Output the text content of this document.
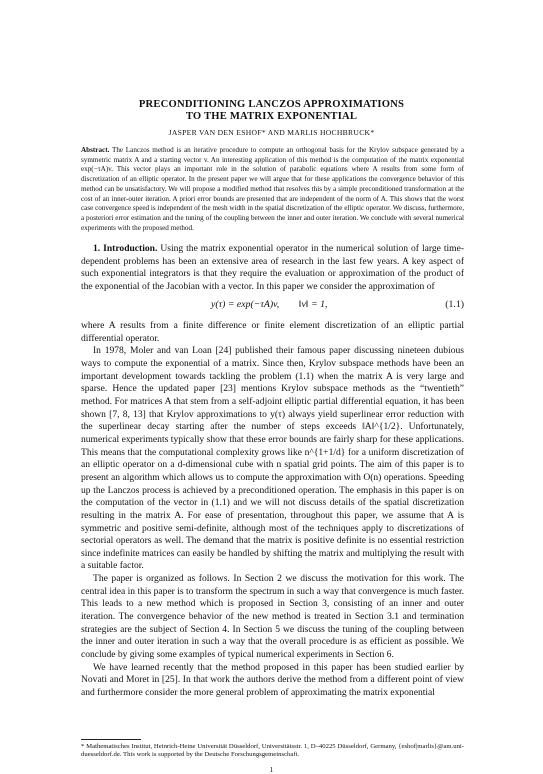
PRECONDITIONING LANCZOS APPROXIMATIONS
TO THE MATRIX EXPONENTIAL
JASPER VAN DEN ESHOF* AND MARLIS HOCHBRUCK*
Abstract. The Lanczos method is an iterative procedure to compute an orthogonal basis for the Krylov subspace generated by a symmetric matrix A and a starting vector v. An interesting application of this method is the computation of the matrix exponential exp(−τA)v. This vector plays an important role in the solution of parabolic equations where A results from some form of discretization of an elliptic operator. In the present paper we will argue that for these applications the convergence behavior of this method can be unsatisfactory. We will propose a modified method that resolves this by a simple preconditioned transformation at the cost of an inner-outer iteration. A priori error bounds are presented that are independent of the norm of A. This shows that the worst case convergence speed is independent of the mesh width in the spatial discretization of the elliptic operator. We discuss, furthermore, a posteriori error estimation and the tuning of the coupling between the inner and outer iteration. We conclude with several numerical experiments with the proposed method.

1. Introduction. Using the matrix exponential operator in the numerical solution of large time-dependent problems has been an extensive area of research in the last few years. A key aspect of such exponential integrators is that they require the evaluation or approximation of the product of the exponential of the Jacobian with a vector. In this paper we consider the approximation of

y(τ) = exp(−τA)v,        ‖v‖ = 1,	(1.1)

where A results from a finite difference or finite element discretization of an elliptic partial differential operator.

In 1978, Moler and van Loan [24] published their famous paper discussing nineteen dubious ways to compute the exponential of a matrix. Since then, Krylov subspace methods have been an important development towards tackling the problem (1.1) when the matrix A is very large and sparse. Hence the updated paper [23] mentions Krylov subspace methods as the “twentieth” method. For matrices A that stem from a self-adjoint elliptic partial differential equation, it has been shown [7, 8, 13] that Krylov approximations to y(τ) always yield superlinear error reduction with the superlinear decay starting after the number of steps exceeds ‖A‖^{1/2}. Unfortunately, numerical experiments typically show that these error bounds are fairly sharp for these applications. This means that the computational complexity grows like n^{1+1/d} for a uniform discretization of an elliptic operator on a d-dimensional cube with n spatial grid points. The aim of this paper is to present an algorithm which allows us to compute the approximation with O(n) operations. Speeding up the Lanczos process is achieved by a preconditioned operation. The emphasis in this paper is on the computation of the vector in (1.1) and we will not discuss details of the spatial discretization resulting in the matrix A. For ease of presentation, throughout this paper, we assume that A is symmetric and positive semi-definite, although most of the techniques apply to discretizations of sectorial operators as well. The demand that the matrix is positive definite is no essential restriction since indefinite matrices can easily be handled by shifting the matrix and multiplying the result with a suitable factor.

The paper is organized as follows. In Section 2 we discuss the motivation for this work. The central idea in this paper is to transform the spectrum in such a way that convergence is much faster. This leads to a new method which is proposed in Section 3, consisting of an inner and outer iteration. The convergence behavior of the new method is treated in Section 3.1 and termination strategies are the subject of Section 4. In Section 5 we discuss the tuning of the coupling between the inner and outer iteration in such a way that the overall procedure is as efficient as possible. We conclude by giving some examples of typical numerical experiments in Section 6.

We have learned recently that the method proposed in this paper has been studied earlier by Novati and Moret in [25]. In that work the authors derive the method from a different point of view and furthermore consider the more general problem of approximating the matrix exponential

* Mathematisches Institut, Heinrich-Heine Universität Düsseldorf, Universitätsstr. 1, D–40225 Düsseldorf, Germany, {eshof|marlis}@am.uni-duesseldorf.de. This work is supported by the Deutsche Forschungsgemeinschaft.
1
